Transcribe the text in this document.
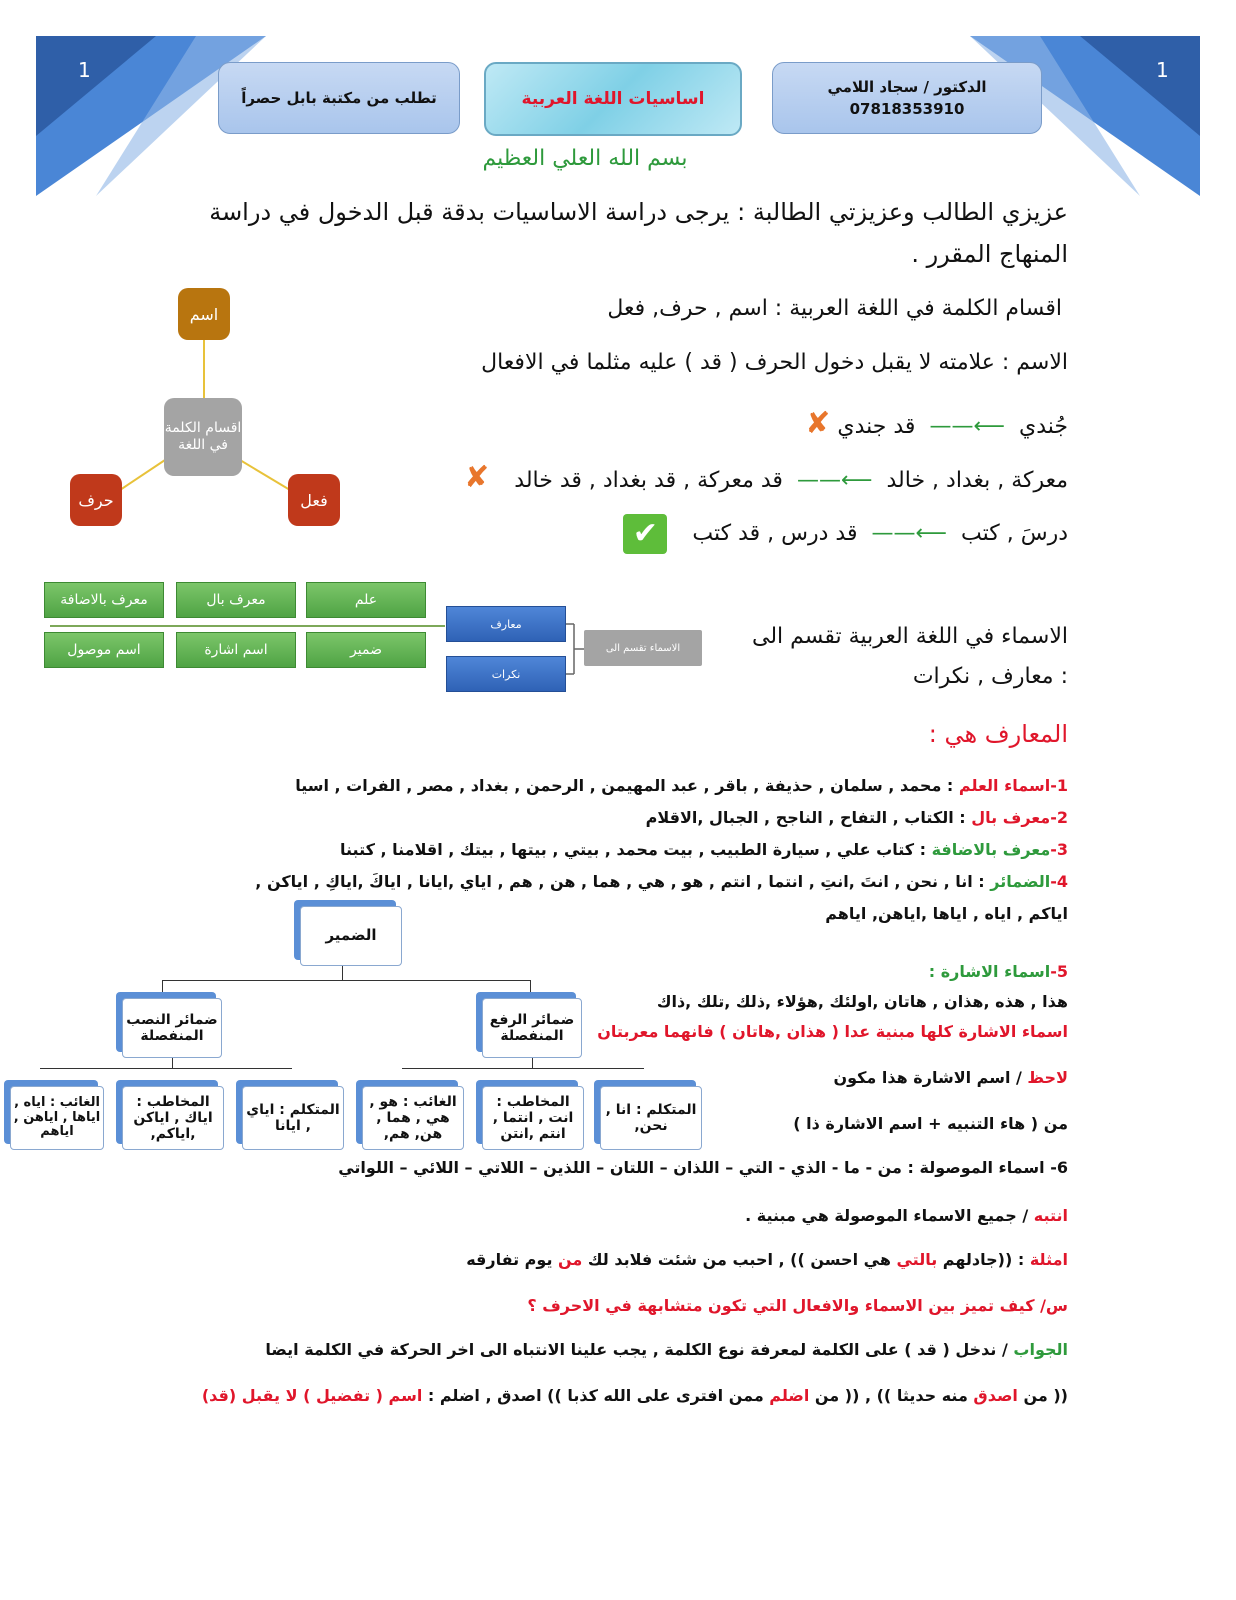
1	1
الدكتور / سجاد اللامي
07818353910
اساسيات اللغة العربية
تطلب من مكتبة بابل حصراً
بسم الله العلي العظيم
عزيزي الطالب وعزيزتي الطالبة : يرجى دراسة الاساسيات بدقة قبل الدخول في دراسة
المنهاج المقرر .
اقسام الكلمة في اللغة العربية : اسم , حرف, فعل
الاسم : علامته لا يقبل دخول الحرف ( قد ) عليه مثلما في الافعال
جُندي  ⟵——  قد جندي ✘
معركة , بغداد , خالد  ⟵——  قد معركة , قد بغداد , قد خالد ✘
درسَ , كتب  ⟵——  قد درس , قد كتب ✔
اسم
اقسام الكلمة في اللغة
حرف	فعل
علم
معرف بال
معرف بالاضافة
ضمير
اسم اشارة
اسم موصول
معارف
نكرات
الاسماء تقسم الى	الاسماء في اللغة العربية تقسم الى
: معارف , نكرات
المعارف هي :
1-اسماء العلم : محمد , سلمان , حذيفة , باقر , عبد المهيمن , الرحمن , بغداد , مصر , الفرات , اسيا
2-معرف بال : الكتاب , التفاح , الناجح , الجبال ,الاقلام
3-معرف بالاضافة : كتاب علي , سيارة الطبيب , بيت محمد , بيتي , بيتها , بيتك , اقلامنا , كتبنا
4-الضمائر : انا , نحن , انتَ ,انتِ , انتما , انتم , هو , هي , هما , هن , هم , اياي ,ايانا , اياكَ ,اياكِ , اياكن ,
اياكم , اياه , اياها ,اياهن, اياهم
5-اسماء الاشارة :
هذا , هذه ,هذان , هاتان ,اولئك ,هؤلاء ,ذلك ,تلك ,ذاك
اسماء الاشارة كلها مبنية عدا ( هذان ,هاتان ) فانهما معربتان
لاحظ / اسم الاشارة هذا مكون
من ( هاء التنبيه + اسم الاشارة ذا )
6- اسماء الموصولة : من - ما - الذي - التي – اللذان – اللتان – اللذين – اللاتي – اللائي – اللواتي
انتبه / جميع الاسماء الموصولة هي مبنية .
امثلة : ((جادلهم بالتي هي احسن )) , احبب من شئت فلابد لك من يوم تفارقه
س/ كيف تميز بين الاسماء والافعال التي تكون متشابهة في الاحرف ؟
الجواب / ندخل ( قد ) على الكلمة لمعرفة نوع الكلمة , يجب علينا الانتباه الى اخر الحركة في الكلمة ايضا
(( من اصدق منه حديثا )) , (( من اضلم ممن افترى على الله كذبا )) اصدق , اضلم : اسم ( تفضيل ) لا يقبل (قد)
الضمير
ضمائر الرفع المنفصلة
ضمائر النصب المنفصلة
المتكلم : انا , نحن,
المخاطب : انت , انتما , انتم ,انتن
الغائب : هو , هي , هما , هن, هم,
المتكلم : اياي , ايانا
المخاطب : اياك , اياكن ,اياكم,
الغائب : اياه , اياها , اياهن , اياهم
